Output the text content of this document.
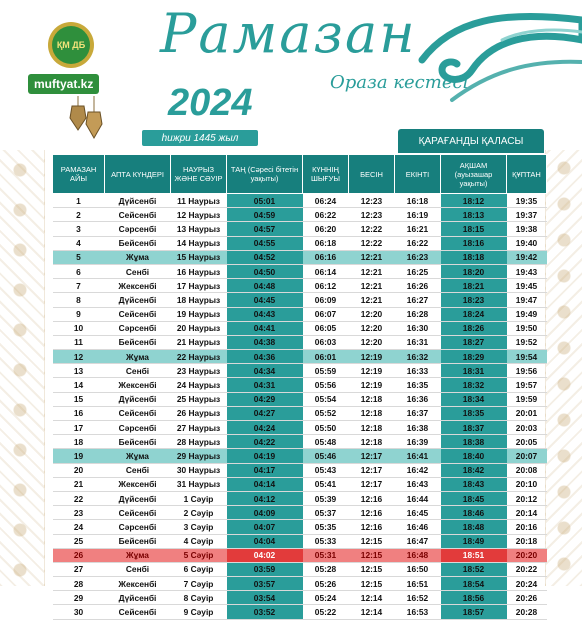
ҚМ ДБ
muftyat.kz
Рамазан
Ораза кестесі
2024
һижри 1445 жыл	ҚАРАҒАНДЫ ҚАЛАСЫ
РАМАЗАН АЙЫ	АПТА КҮНДЕРІ	НАУРЫЗ ЖӘНЕ СӘУІР	ТАҢ (Сәресі бітетін уақыты)	КҮННІҢ ШЫҒУЫ	БЕСІН	ЕКІНТІ	АҚШАМ (ауызашар уақыты)	ҚҰПТАН
1	Дүйсенбі	11 Наурыз	05:01	06:24	12:23	16:18	18:12	19:35
2	Сейсенбі	12 Наурыз	04:59	06:22	12:23	16:19	18:13	19:37
3	Сәрсенбі	13 Наурыз	04:57	06:20	12:22	16:21	18:15	19:38
4	Бейсенбі	14 Наурыз	04:55	06:18	12:22	16:22	18:16	19:40
5	Жұма	15 Наурыз	04:52	06:16	12:21	16:23	18:18	19:42
6	Сенбі	16 Наурыз	04:50	06:14	12:21	16:25	18:20	19:43
7	Жексенбі	17 Наурыз	04:48	06:12	12:21	16:26	18:21	19:45
8	Дүйсенбі	18 Наурыз	04:45	06:09	12:21	16:27	18:23	19:47
9	Сейсенбі	19 Наурыз	04:43	06:07	12:20	16:28	18:24	19:49
10	Сәрсенбі	20 Наурыз	04:41	06:05	12:20	16:30	18:26	19:50
11	Бейсенбі	21 Наурыз	04:38	06:03	12:20	16:31	18:27	19:52
12	Жұма	22 Наурыз	04:36	06:01	12:19	16:32	18:29	19:54
13	Сенбі	23 Наурыз	04:34	05:59	12:19	16:33	18:31	19:56
14	Жексенбі	24 Наурыз	04:31	05:56	12:19	16:35	18:32	19:57
15	Дүйсенбі	25 Наурыз	04:29	05:54	12:18	16:36	18:34	19:59
16	Сейсенбі	26 Наурыз	04:27	05:52	12:18	16:37	18:35	20:01
17	Сәрсенбі	27 Наурыз	04:24	05:50	12:18	16:38	18:37	20:03
18	Бейсенбі	28 Наурыз	04:22	05:48	12:18	16:39	18:38	20:05
19	Жұма	29 Наурыз	04:19	05:46	12:17	16:41	18:40	20:07
20	Сенбі	30 Наурыз	04:17	05:43	12:17	16:42	18:42	20:08
21	Жексенбі	31 Наурыз	04:14	05:41	12:17	16:43	18:43	20:10
22	Дүйсенбі	1 Сәуір	04:12	05:39	12:16	16:44	18:45	20:12
23	Сейсенбі	2 Сәуір	04:09	05:37	12:16	16:45	18:46	20:14
24	Сәрсенбі	3 Сәуір	04:07	05:35	12:16	16:46	18:48	20:16
25	Бейсенбі	4 Сәуір	04:04	05:33	12:15	16:47	18:49	20:18
26	Жұма	5 Сәуір	04:02	05:31	12:15	16:48	18:51	20:20
27	Сенбі	6 Сәуір	03:59	05:28	12:15	16:50	18:52	20:22
28	Жексенбі	7 Сәуір	03:57	05:26	12:15	16:51	18:54	20:24
29	Дүйсенбі	8 Сәуір	03:54	05:24	12:14	16:52	18:56	20:26
30	Сейсенбі	9 Сәуір	03:52	05:22	12:14	16:53	18:57	20:28
